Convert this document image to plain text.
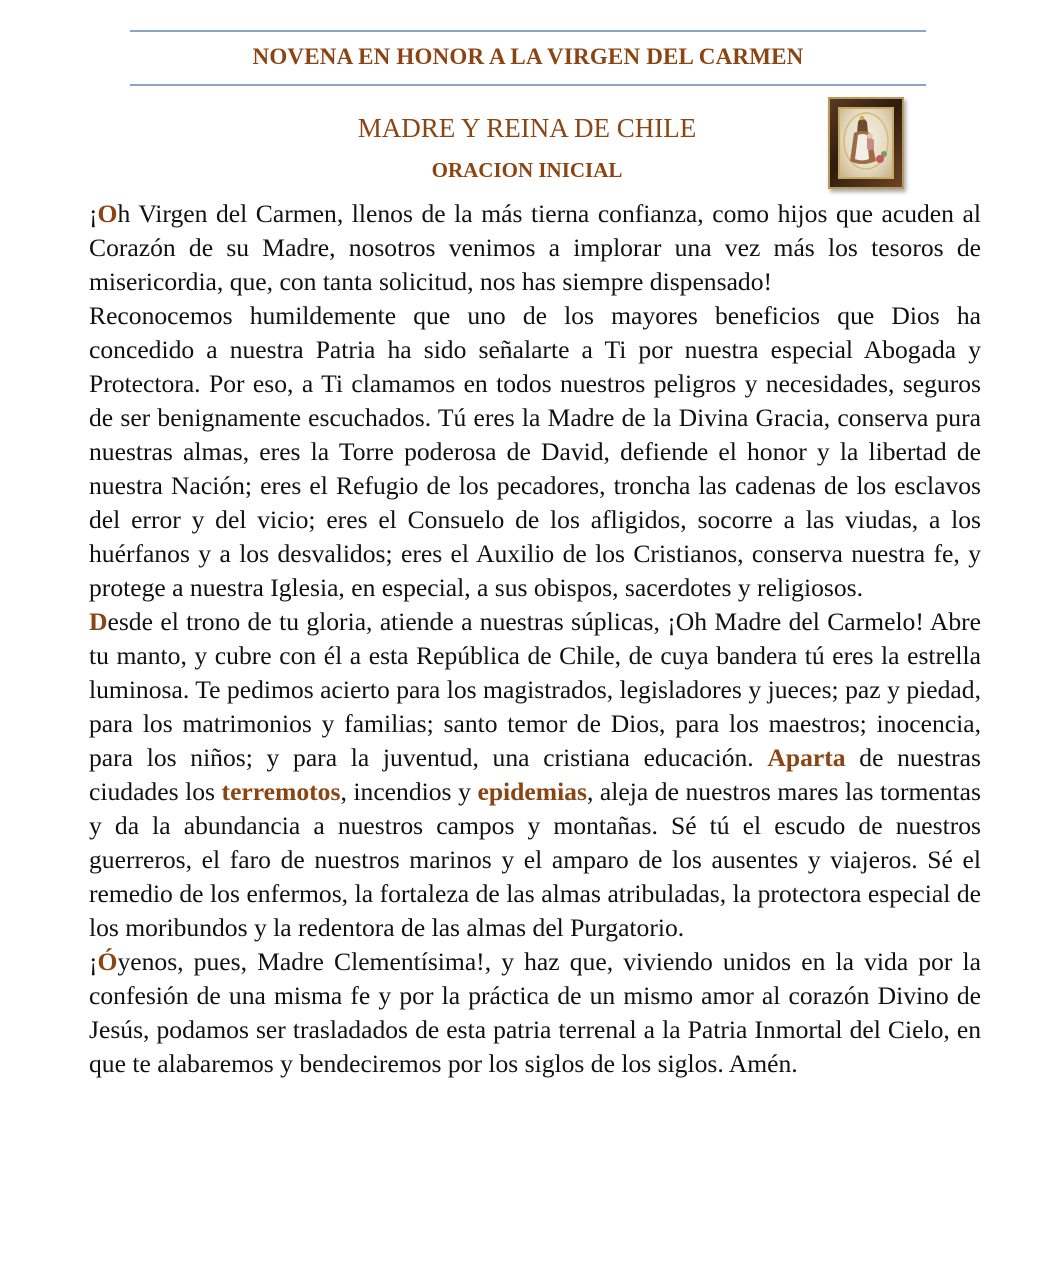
NOVENA EN HONOR A LA VIRGEN DEL CARMEN
MADRE Y REINA DE CHILE
ORACION INICIAL

¡Oh Virgen del Carmen, llenos de la más tierna confianza, como hijos que acuden al Corazón de su Madre, nosotros venimos a implorar una vez más los tesoros de misericordia, que, con tanta solicitud, nos has siempre dispensado!

Reconocemos humildemente que uno de los mayores beneficios que Dios ha concedido a nuestra Patria ha sido señalarte a Ti por nuestra especial Abogada y Protectora. Por eso, a Ti clamamos en todos nuestros peligros y necesidades, seguros de ser benignamente escuchados. Tú eres la Madre de la Divina Gracia, conserva pura nuestras almas, eres la Torre poderosa de David, defiende el honor y la libertad de nuestra Nación; eres el Refugio de los pecadores, troncha las cadenas de los esclavos del error y del vicio; eres el Consuelo de los afligidos, socorre a las viudas, a los huérfanos y a los desvalidos; eres el Auxilio de los Cristianos, conserva nuestra fe, y protege a nuestra Iglesia, en especial, a sus obispos, sacerdotes y religiosos.

Desde el trono de tu gloria, atiende a nuestras súplicas, ¡Oh Madre del Carmelo! Abre tu manto, y cubre con él a esta República de Chile, de cuya bandera tú eres la estrella luminosa. Te pedimos acierto para los magistrados, legisladores y jueces; paz y piedad, para los matrimonios y familias; santo temor de Dios, para los maestros; inocencia, para los niños; y para la juventud, una cristiana educación. Aparta de nuestras ciudades los terremotos, incendios y epidemias, aleja de nuestros mares las tormentas y da la abundancia a nuestros campos y montañas. Sé tú el escudo de nuestros guerreros, el faro de nuestros marinos y el amparo de los ausentes y viajeros. Sé el remedio de los enfermos, la fortaleza de las almas atribuladas, la protectora especial de los moribundos y la redentora de las almas del Purgatorio.

¡Óyenos, pues, Madre Clementísima!, y haz que, viviendo unidos en la vida por la confesión de una misma fe y por la práctica de un mismo amor al corazón Divino de Jesús, podamos ser trasladados de esta patria terrenal a la Patria Inmortal del Cielo, en que te alabaremos y bendeciremos por los siglos de los siglos. Amén.
